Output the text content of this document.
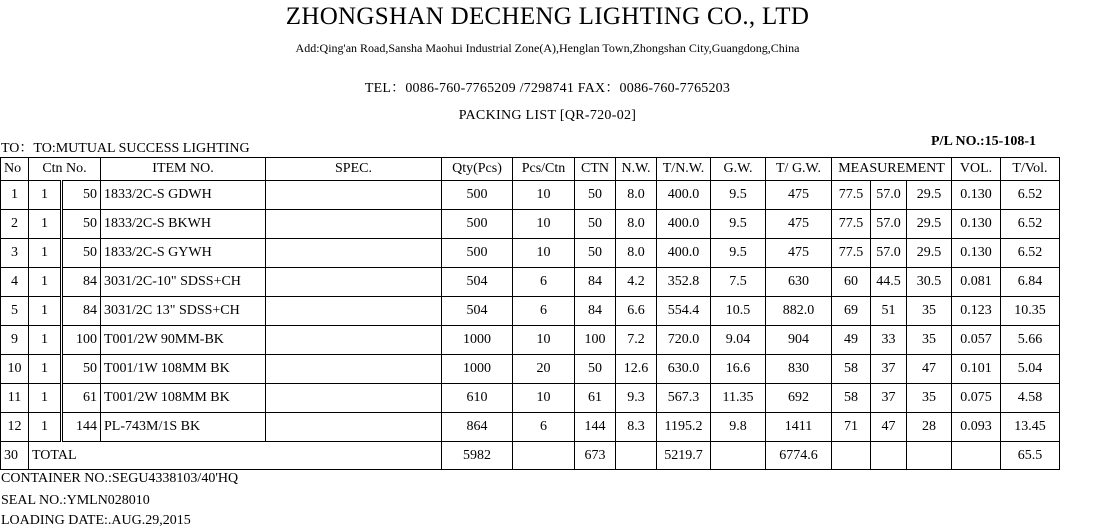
ZHONGSHAN DECHENG LIGHTING CO., LTD
Add:Qing'an Road,Sansha Maohui Industrial Zone(A),Henglan Town,Zhongshan City,Guangdong,China
TEL：0086-760-7765209 /7298741 FAX：0086-760-7765203
PACKING LIST [QR-720-02]
TO：TO:MUTUAL SUCCESS LIGHTING	P/L NO.:15-108-1
No	Ctn No.		ITEM NO.	SPEC.	Qty(Pcs)	Pcs/Ctn	CTN	N.W.	T/N.W.	G.W.	T/ G.W.	MEASUREMENT			VOL.	T/Vol.
1	1	50	1833/2C-S GDWH		500	10	50	8.0	400.0	9.5	475	77.5	57.0	29.5	0.130	6.52
2	1	50	1833/2C-S BKWH		500	10	50	8.0	400.0	9.5	475	77.5	57.0	29.5	0.130	6.52
3	1	50	1833/2C-S GYWH		500	10	50	8.0	400.0	9.5	475	77.5	57.0	29.5	0.130	6.52
4	1	84	3031/2C-10" SDSS+CH		504	6	84	4.2	352.8	7.5	630	60	44.5	30.5	0.081	6.84
5	1	84	3031/2C 13" SDSS+CH		504	6	84	6.6	554.4	10.5	882.0	69	51	35	0.123	10.35
9	1	100	T001/2W 90MM-BK		1000	10	100	7.2	720.0	9.04	904	49	33	35	0.057	5.66
10	1	50	T001/1W 108MM BK		1000	20	50	12.6	630.0	16.6	830	58	37	47	0.101	5.04
11	1	61	T001/2W 108MM BK		610	10	61	9.3	567.3	11.35	692	58	37	35	0.075	4.58
12	1	144	PL-743M/1S BK		864	6	144	8.3	1195.2	9.8	1411	71	47	28	0.093	13.45
30	TOTAL				5982		673		5219.7		6774.6					65.5
CONTAINER NO.:SEGU4338103/40'HQ
SEAL NO.:YMLN028010
LOADING DATE:.AUG.29,2015
